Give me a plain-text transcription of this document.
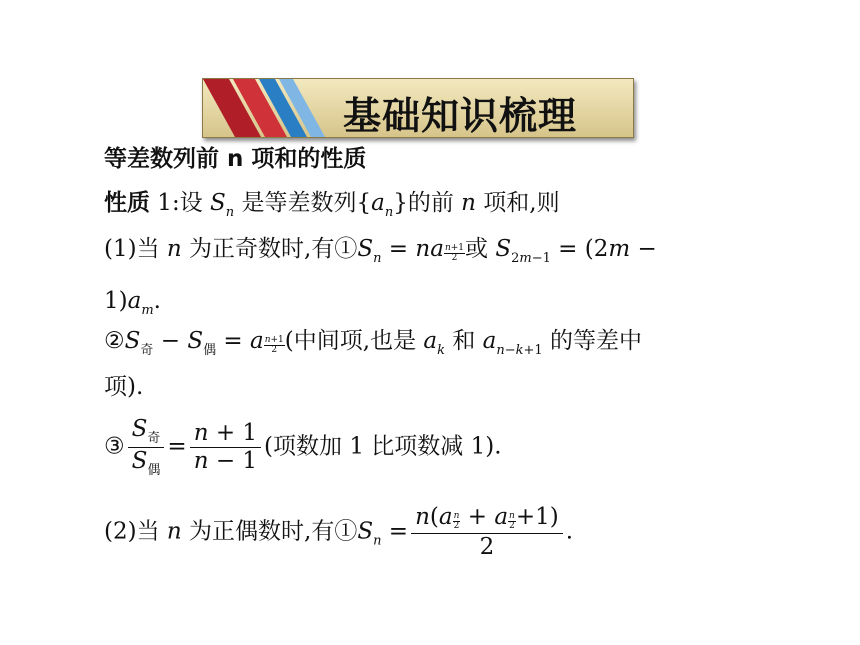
基础知识梳理
等差数列前 n 项和的性质
性质 1:设 $S_n$ 是等差数列$\{a_n\}$的前 n 项和,则
(1)当 n 为正奇数时,有$①S_n$ = na $\frac{n+1}{2}$ 或 $S_{2m-1} = (2m$ −
$1)a_m$.
$②S_奇 - S_偶 = a \frac{n+1}{2}$ (中间项,也是 $a_k$ 和 $a_{n-k+1}$ 的等差中
项).
③ $\frac{S_奇}{S_偶} = \frac{n + 1}{n - 1}$ (项数加 1 比项数减 1).
(2)当 n 为正偶数时,有$①S_n = \frac{n(a \frac{n}{2} + a \frac{n}{2} +1)}{2}$ .
